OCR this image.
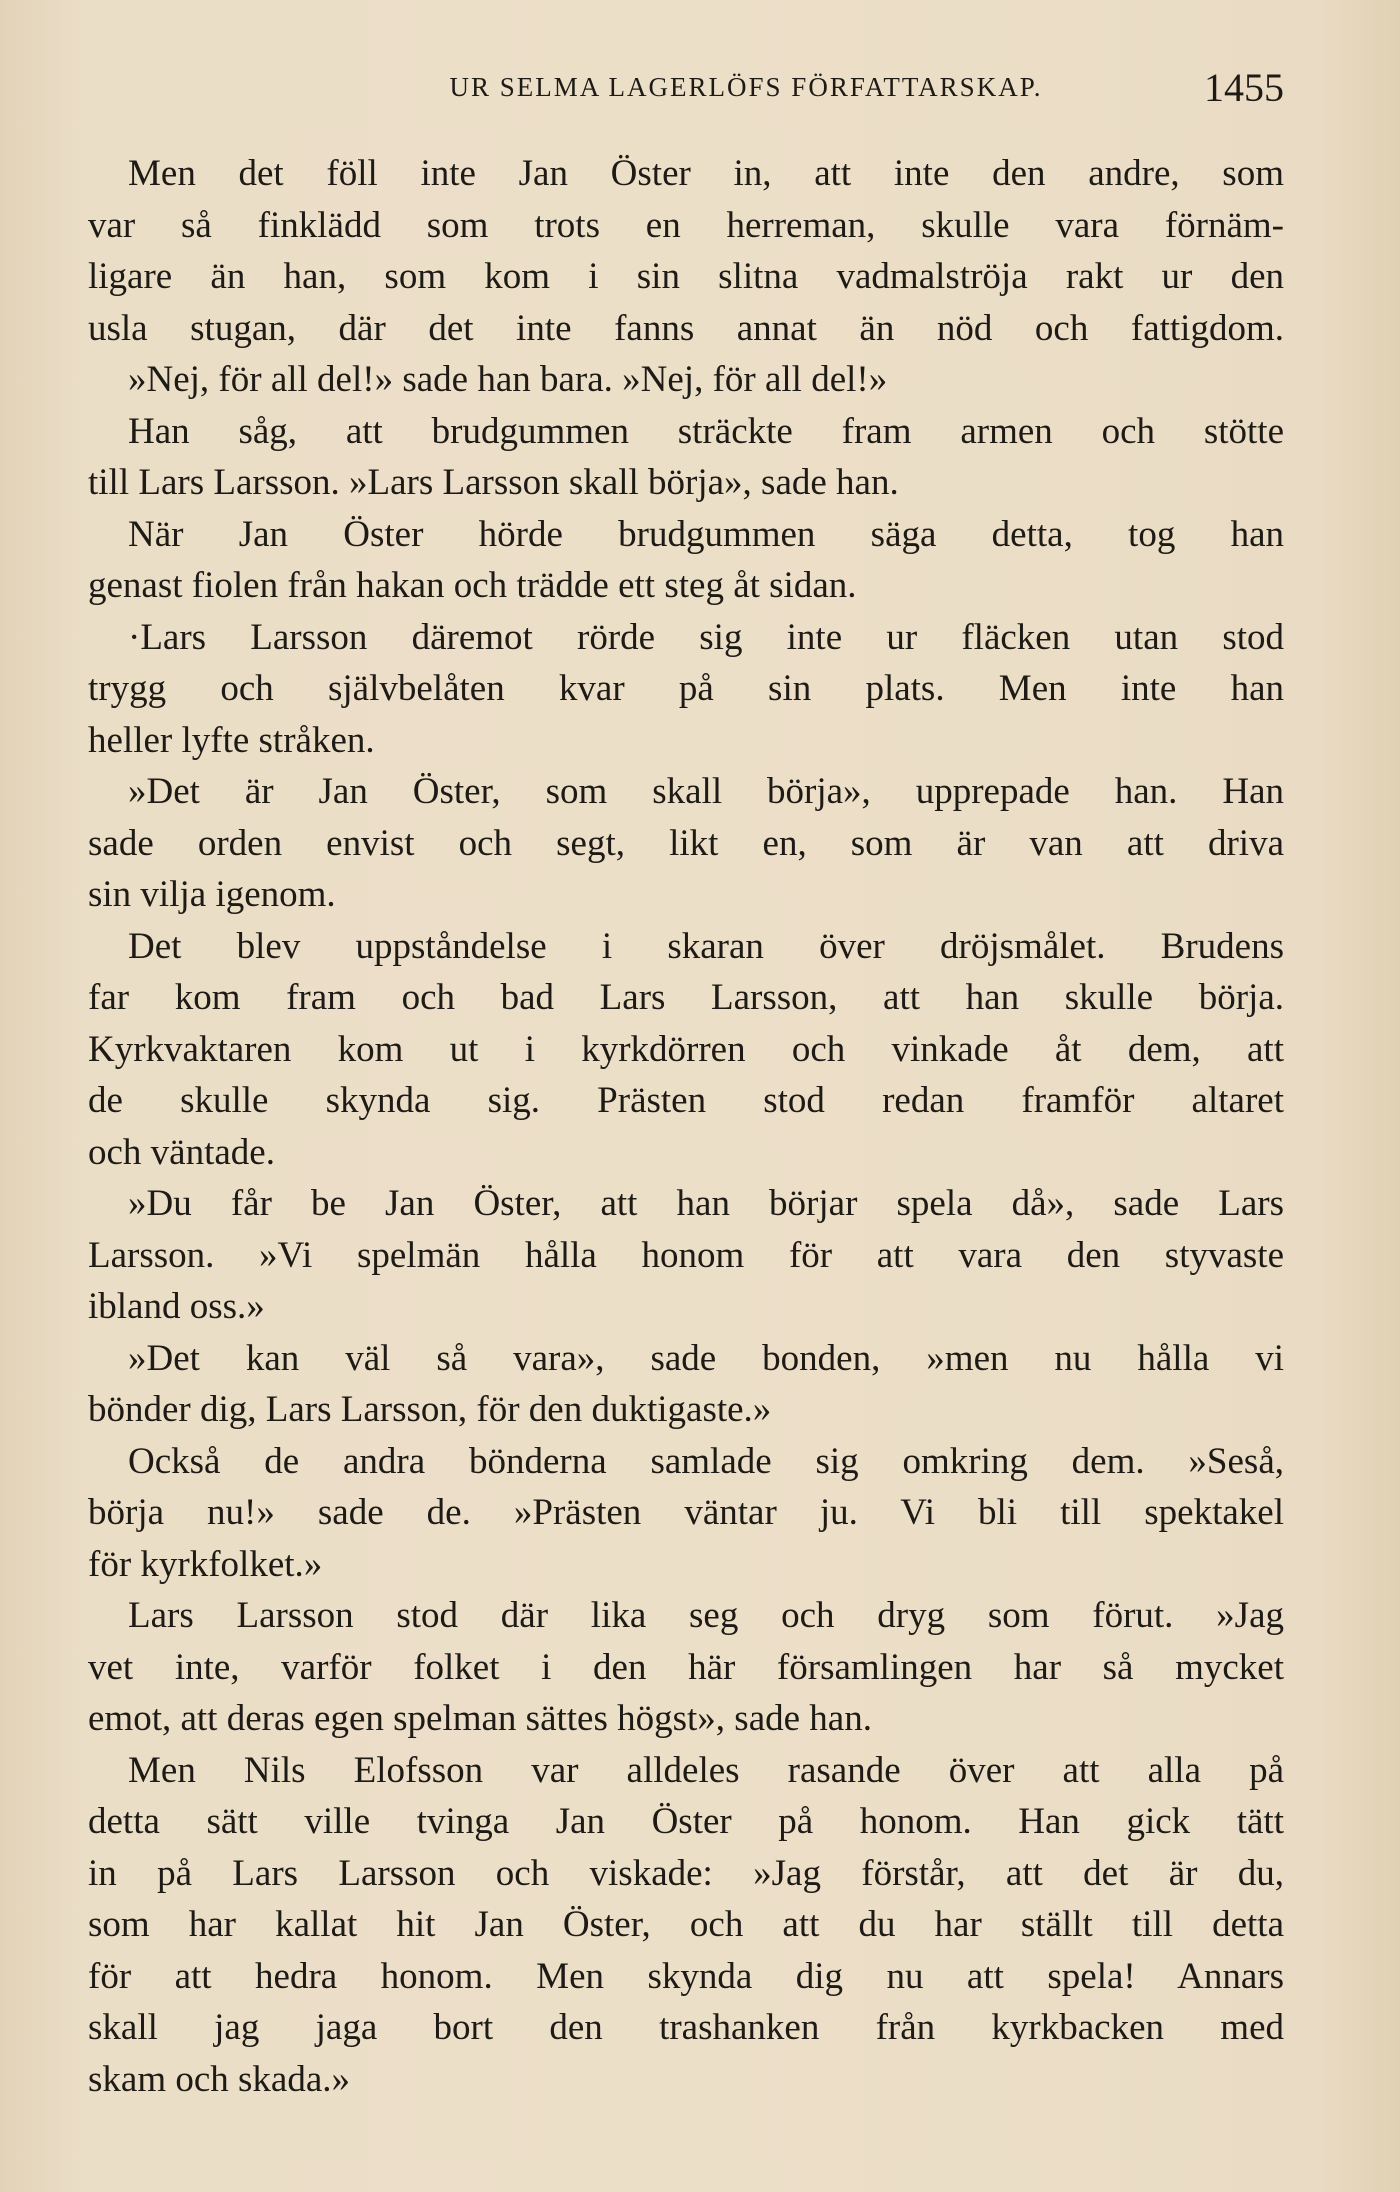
UR SELMA LAGERLÖFS FÖRFATTARSKAP.	1455
Men det föll inte Jan Öster in, att inte den andre, som
var så finklädd som trots en herreman, skulle vara förnäm-
ligare än han, som kom i sin slitna vadmalströja rakt ur den
usla stugan, där det inte fanns annat än nöd och fattigdom.
»Nej, för all del!» sade han bara. »Nej, för all del!»
Han såg, att brudgummen sträckte fram armen och stötte
till Lars Larsson. »Lars Larsson skall börja», sade han.
När Jan Öster hörde brudgummen säga detta, tog han
genast fiolen från hakan och trädde ett steg åt sidan.
·Lars Larsson däremot rörde sig inte ur fläcken utan stod
trygg och självbelåten kvar på sin plats. Men inte han
heller lyfte stråken.
»Det är Jan Öster, som skall börja», upprepade han. Han
sade orden envist och segt, likt en, som är van att driva
sin vilja igenom.
Det blev uppståndelse i skaran över dröjsmålet. Brudens
far kom fram och bad Lars Larsson, att han skulle börja.
Kyrkvaktaren kom ut i kyrkdörren och vinkade åt dem, att
de skulle skynda sig. Prästen stod redan framför altaret
och väntade.
»Du får be Jan Öster, att han börjar spela då», sade Lars
Larsson. »Vi spelmän hålla honom för att vara den styvaste
ibland oss.»
»Det kan väl så vara», sade bonden, »men nu hålla vi
bönder dig, Lars Larsson, för den duktigaste.»
Också de andra bönderna samlade sig omkring dem. »Seså,
börja nu!» sade de. »Prästen väntar ju. Vi bli till spektakel
för kyrkfolket.»
Lars Larsson stod där lika seg och dryg som förut. »Jag
vet inte, varför folket i den här församlingen har så mycket
emot, att deras egen spelman sättes högst», sade han.
Men Nils Elofsson var alldeles rasande över att alla på
detta sätt ville tvinga Jan Öster på honom. Han gick tätt
in på Lars Larsson och viskade: »Jag förstår, att det är du,
som har kallat hit Jan Öster, och att du har ställt till detta
för att hedra honom. Men skynda dig nu att spela! Annars
skall jag jaga bort den trashanken från kyrkbacken med
skam och skada.»
